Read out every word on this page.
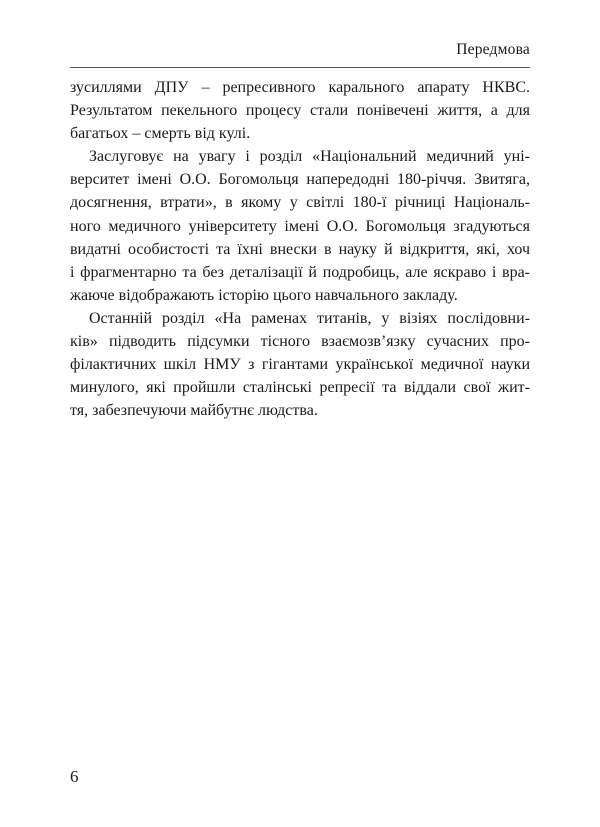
Передмова
зусиллями ДПУ – репресивного карального апарату НКВС.
Результатом пекельного процесу стали понівечені життя, а для
багатьох – смерть від кулі.
Заслуговує на увагу і розділ «Національний медичний уні-
верситет імені О.О. Богомольця напередодні 180-річчя. Звитяга,
досягнення, втрати», в якому у світлі 180-ї річниці Національ-
ного медичного університету імені О.О. Богомольця згадуються
видатні особистості та їхні внески в науку й відкриття, які, хоч
і фрагментарно та без деталізації й подробиць, але яскраво і вра-
жаюче відображають історію цього навчального закладу.
Останній розділ «На раменах титанів, у візіях послідовни-
ків» підводить підсумки тісного взаємозв’язку сучасних про-
філактичних шкіл НМУ з гігантами української медичної науки
минулого, які пройшли сталінські репресії та віддали свої жит-
тя, забезпечуючи майбутнє людства.
6
